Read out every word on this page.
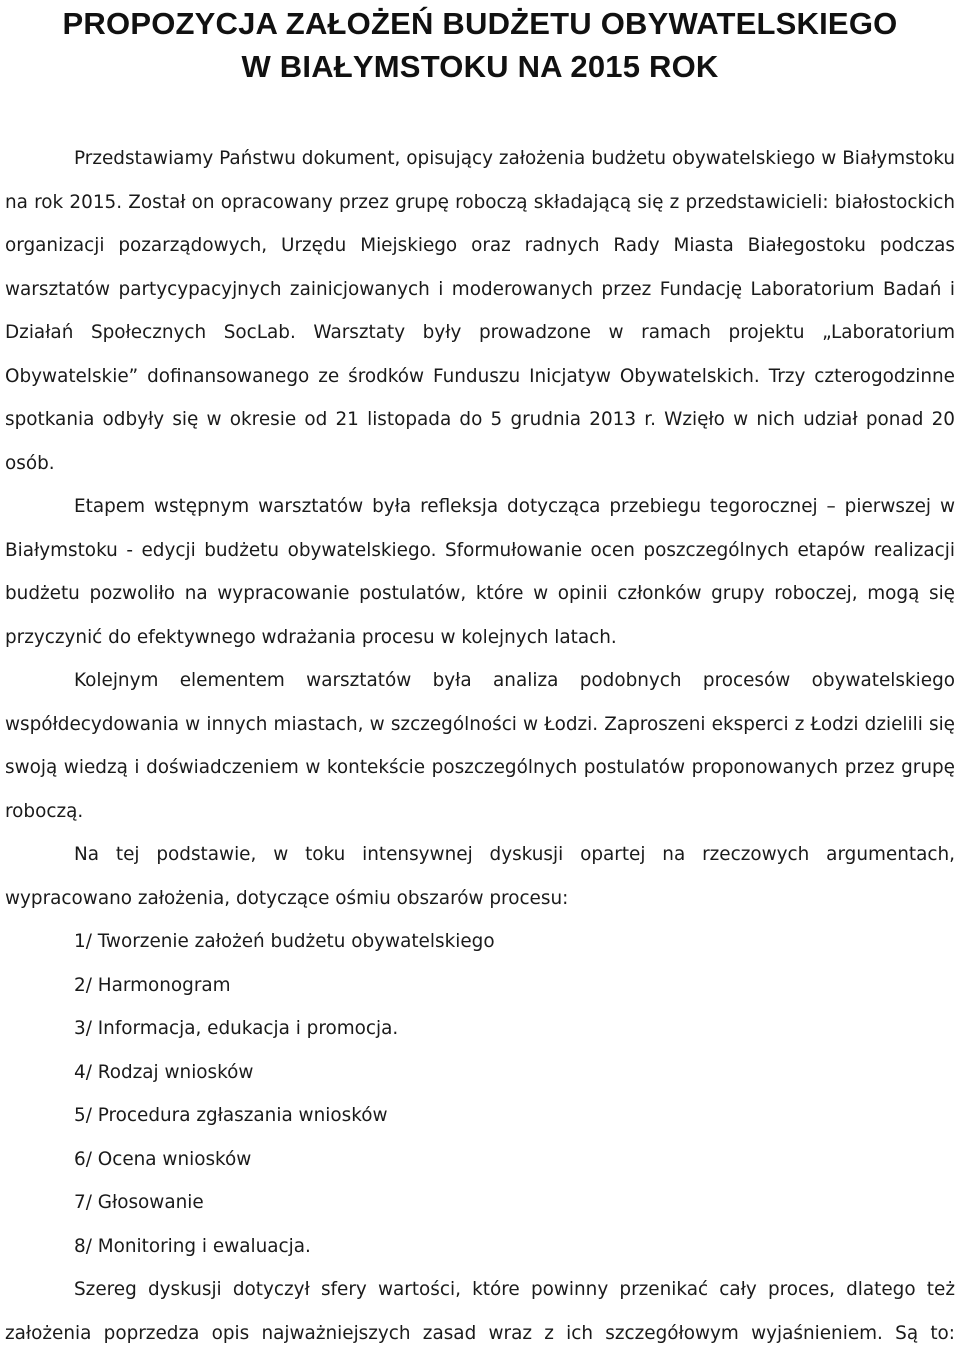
PROPOZYCJA ZAŁOŻEŃ BUDŻETU OBYWATELSKIEGO
W BIAŁYMSTOKU NA 2015 ROK

Przedstawiamy Państwu dokument, opisujący założenia budżetu obywatelskiego w Białymstoku na rok 2015. Został on opracowany przez grupę roboczą składającą się z przedstawicieli: białostockich organizacji pozarządowych, Urzędu Miejskiego oraz radnych Rady Miasta Białegostoku podczas warsztatów partycypacyjnych zainicjowanych i moderowanych przez Fundację Laboratorium Badań i Działań Społecznych SocLab. Warsztaty były prowadzone w ramach projektu „Laboratorium Obywatelskie” dofinansowanego ze środków Funduszu Inicjatyw Obywatelskich. Trzy czterogodzinne spotkania odbyły się w okresie od 21 listopada do 5 grudnia 2013 r. Wzięło w nich udział ponad 20 osób.

Etapem wstępnym warsztatów była refleksja dotycząca przebiegu tegorocznej – pierwszej w Białymstoku - edycji budżetu obywatelskiego. Sformułowanie ocen poszczególnych etapów realizacji budżetu pozwoliło na wypracowanie postulatów, które w opinii członków grupy roboczej, mogą się przyczynić do efektywnego wdrażania procesu w kolejnych latach.

Kolejnym elementem warsztatów była analiza podobnych procesów obywatelskiego współdecydowania w innych miastach, w szczególności w Łodzi. Zaproszeni eksperci z Łodzi dzielili się swoją wiedzą i doświadczeniem w kontekście poszczególnych postulatów proponowanych przez grupę roboczą.

Na tej podstawie, w toku intensywnej dyskusji opartej na rzeczowych argumentach, wypracowano założenia, dotyczące ośmiu obszarów procesu:

1/ Tworzenie założeń budżetu obywatelskiego
2/ Harmonogram
3/ Informacja, edukacja i promocja.
4/ Rodzaj wniosków
5/ Procedura zgłaszania wniosków
6/ Ocena wniosków
7/ Głosowanie
8/ Monitoring i ewaluacja.

Szereg dyskusji dotyczył sfery wartości, które powinny przenikać cały proces, dlatego też założenia poprzedza opis najważniejszych zasad wraz z ich szczegółowym wyjaśnieniem. Są to:
